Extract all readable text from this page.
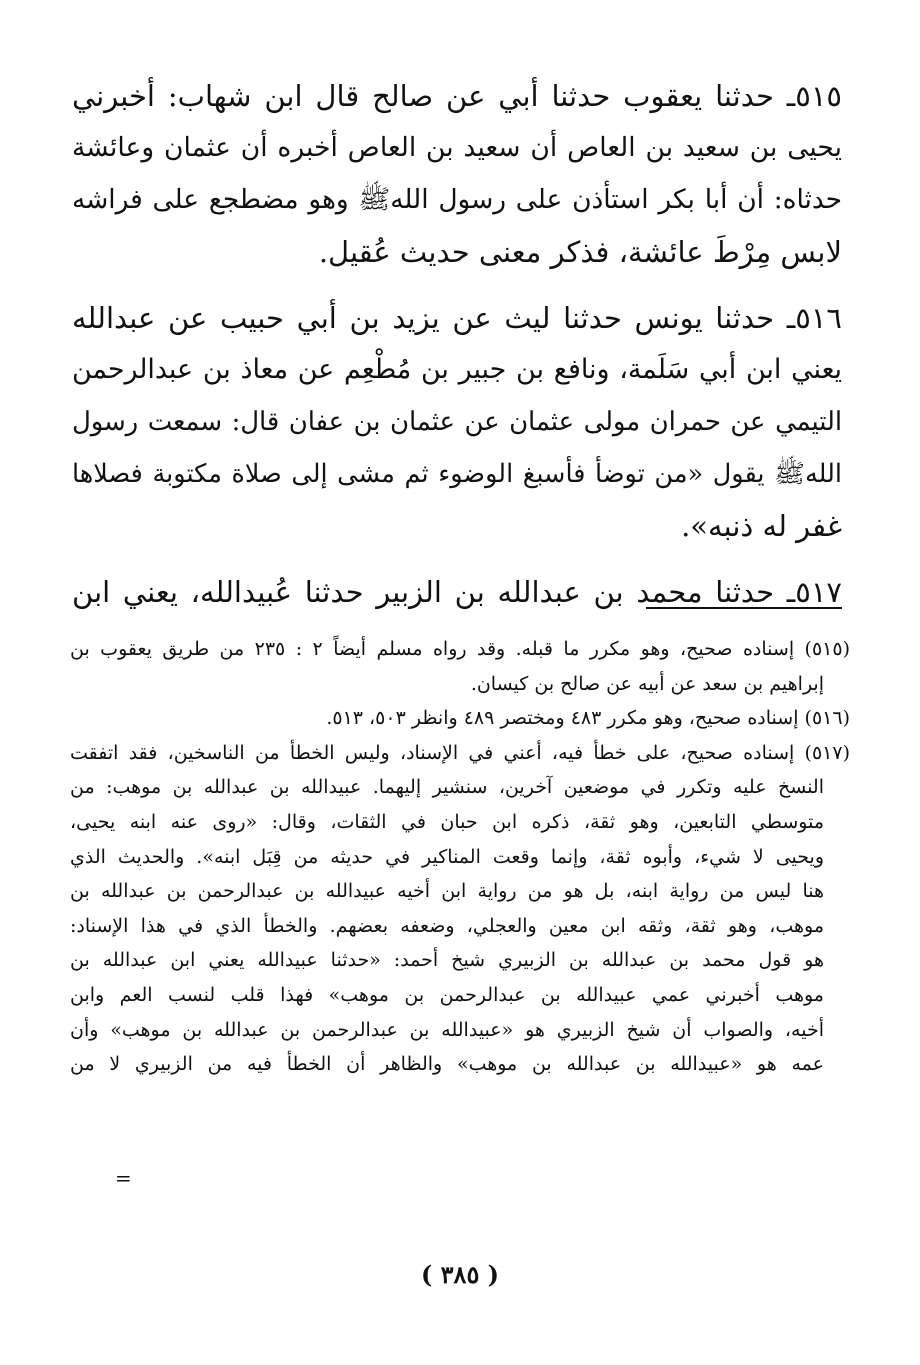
٥١٥ـ حدثنا يعقوب حدثنا أبي عن صالح قال ابن شهاب: أخبرني
يحيى بن سعيد بن العاص أن سعيد بن العاص أخبره أن عثمان وعائشة
حدثاه: أن أبا بكر استأذن على رسول اللهﷺ وهو مضطجع على فراشه
لابس مِرْطَ عائشة، فذكر معنى حديث عُقيل.
٥١٦ـ حدثنا يونس حدثنا ليث عن يزيد بن أبي حبيب عن عبدالله
يعني ابن أبي سَلَمة، ونافع بن جبير بن مُطْعِم عن معاذ بن عبدالرحمن
التيمي عن حمران مولى عثمان عن عثمان بن عفان قال: سمعت رسول
اللهﷺ يقول «من توضأ فأسبغ الوضوء ثم مشى إلى صلاة مكتوبة فصلاها
غفر له ذنبه».
٥١٧ـ حدثنا محمد بن عبدالله بن الزبير حدثنا عُبيدالله، يعني ابن
(٥١٥) إسناده صحيح، وهو مكرر ما قبله. وقد رواه مسلم أيضاً ٢ : ٢٣٥ من طريق يعقوب بن
إبراهيم بن سعد عن أبيه عن صالح بن كيسان.
(٥١٦) إسناده صحيح، وهو مكرر ٤٨٣ ومختصر ٤٨٩ وانظر ٥٠٣، ٥١٣.
(٥١٧) إسناده صحيح، على خطأ فيه، أعني في الإسناد، وليس الخطأ من الناسخين، فقد اتفقت
النسخ عليه وتكرر في موضعين آخرين، سنشير إليهما. عبيدالله بن عبدالله بن موهب: من
متوسطي التابعين، وهو ثقة، ذكره ابن حبان في الثقات، وقال: «روى عنه ابنه يحيى،
ويحيى لا شيء، وأبوه ثقة، وإنما وقعت المناكير في حديثه من قِبَل ابنه». والحديث الذي
هنا ليس من رواية ابنه، بل هو من رواية ابن أخيه عبيدالله بن عبدالرحمن بن عبدالله بن
موهب، وهو ثقة، وثقه ابن معين والعجلي، وضعفه بعضهم. والخطأ الذي في هذا الإسناد:
هو قول محمد بن عبدالله بن الزبيري شيخ أحمد: «حدثنا عبيدالله يعني ابن عبدالله بن
موهب أخبرني عمي عبيدالله بن عبدالرحمن بن موهب» فهذا قلب لنسب العم وابن
أخيه، والصواب أن شيخ الزبيري هو «عبيدالله بن عبدالرحمن بن عبدالله بن موهب» وأن
عمه هو «عبيدالله بن عبدالله بن موهب» والظاهر أن الخطأ فيه من الزبيري لا من
=
( ٣٨٥ )
